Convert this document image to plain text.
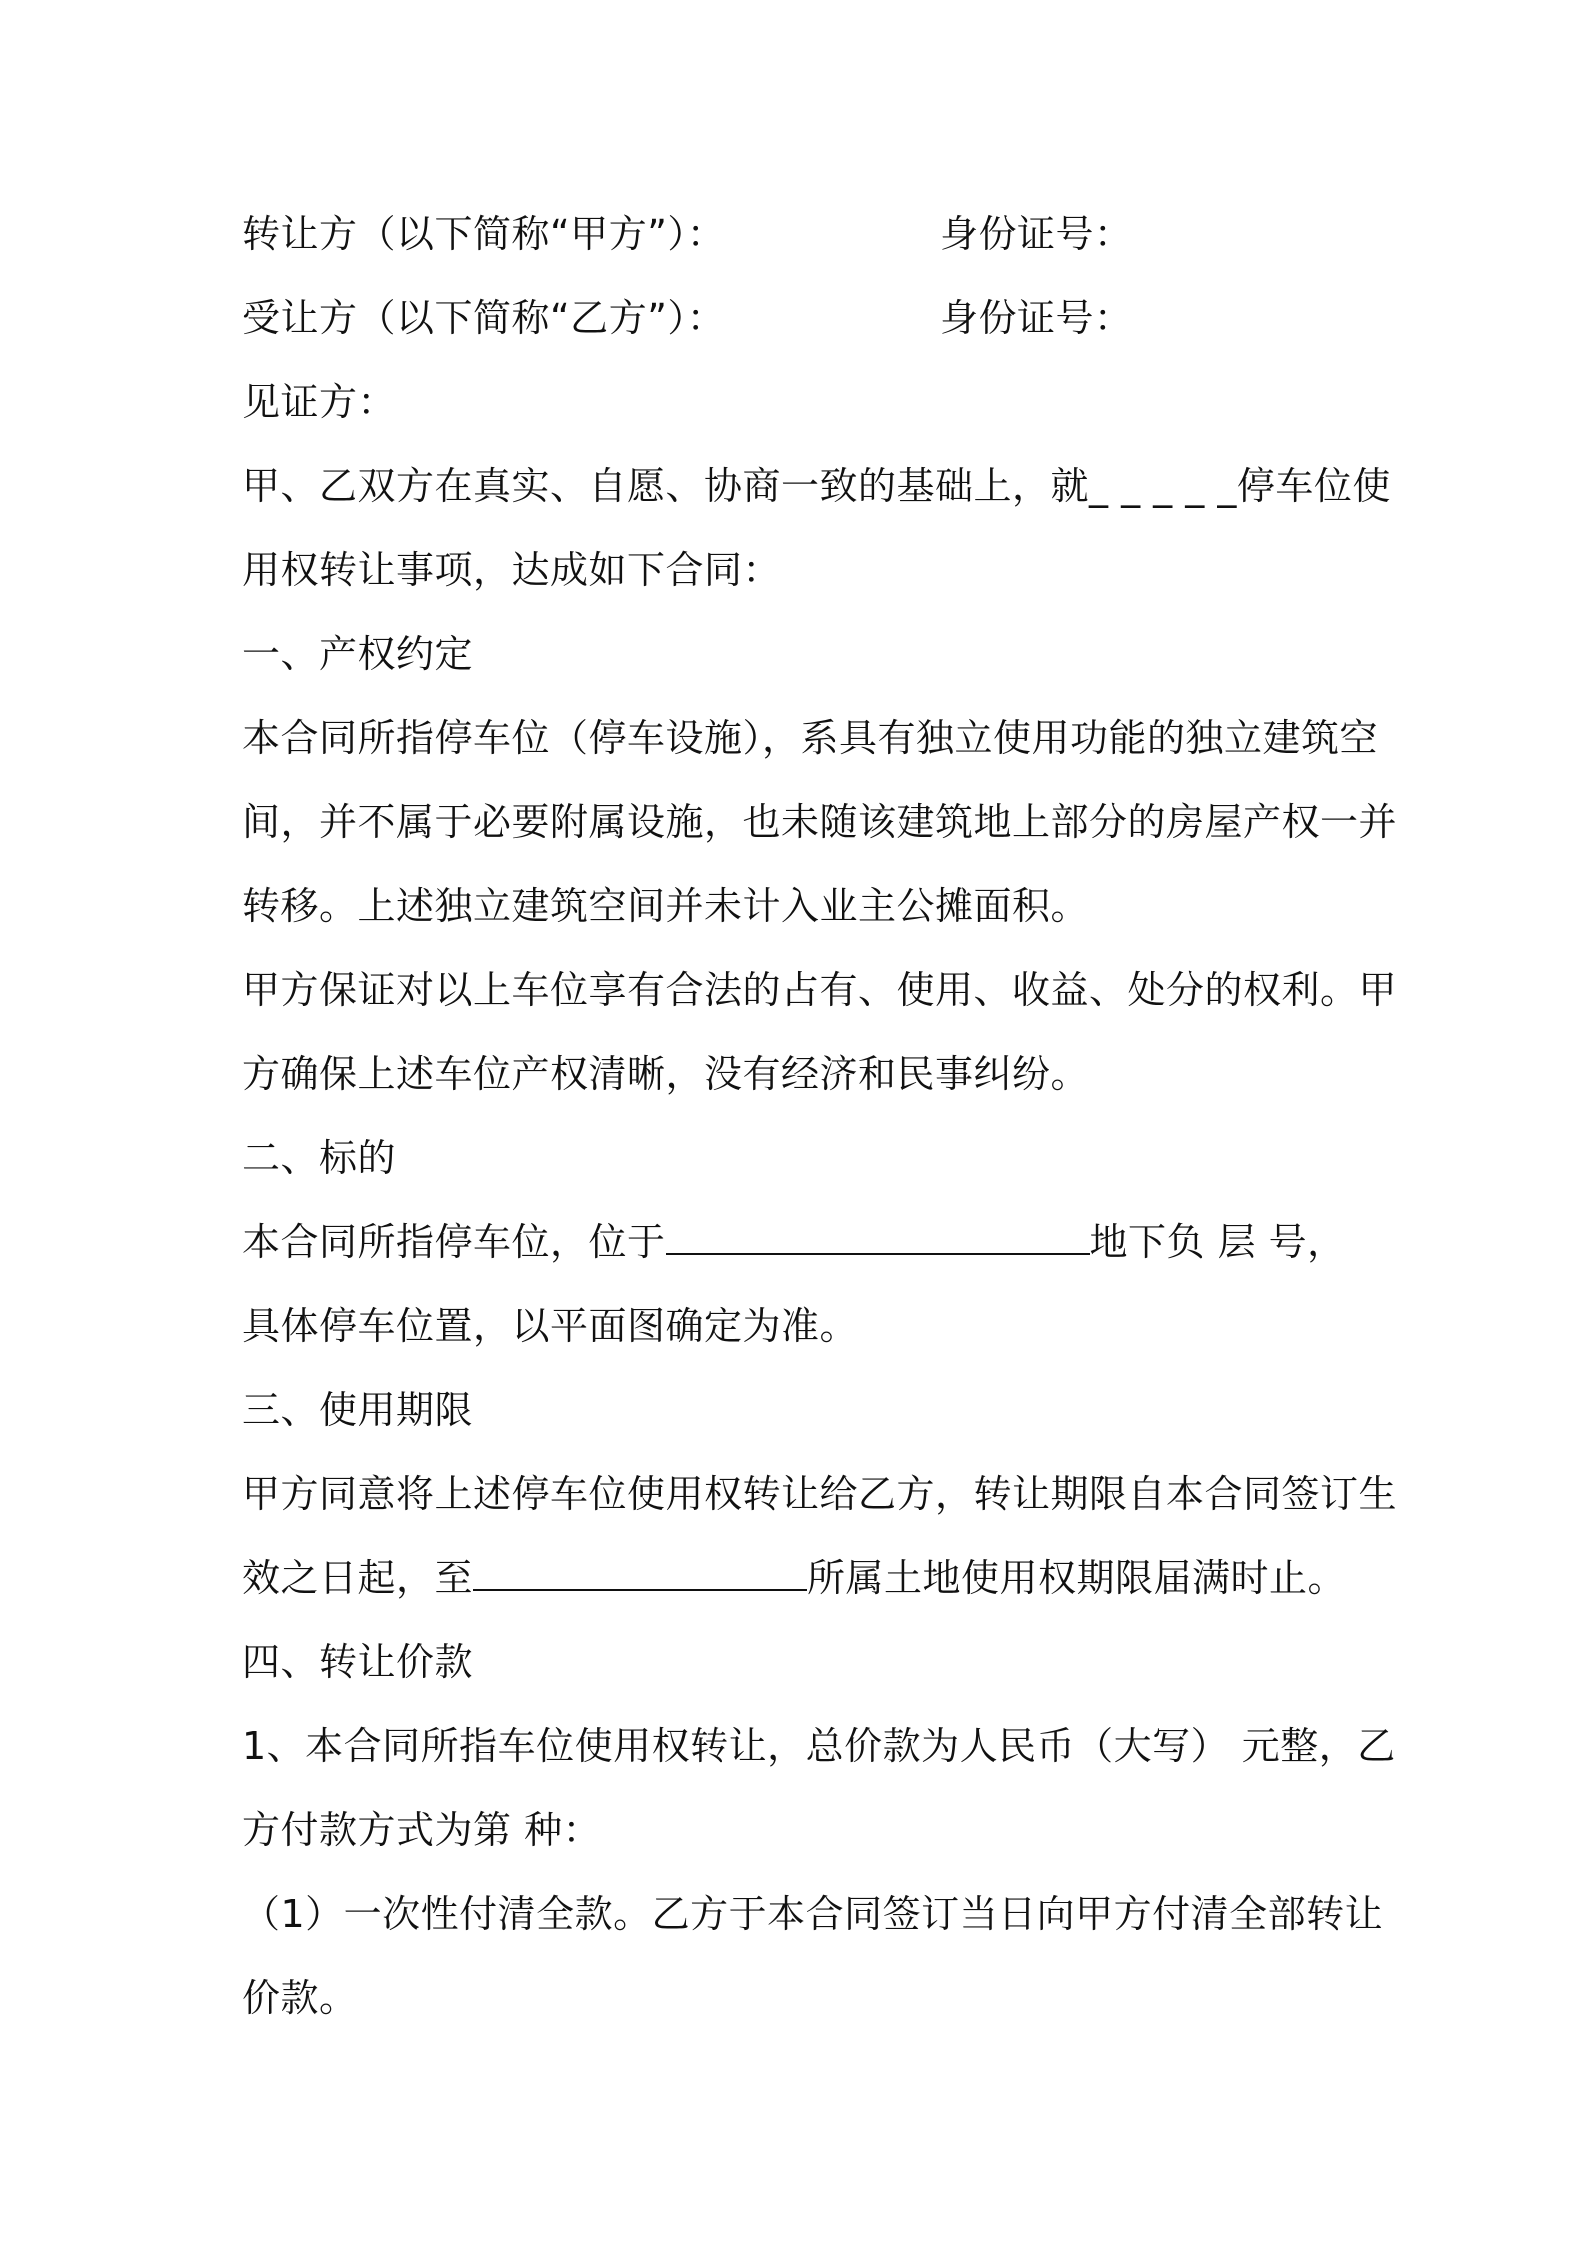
转让方（以下简称“甲方”）：	身份证号：
受让方（以下简称“乙方”）：	身份证号：
见证方：
甲、乙双方在真实、自愿、协商一致的基础上，就_ _ _ _ _停车位使
用权转让事项，达成如下合同：
一、产权约定
本合同所指停车位（停车设施），系具有独立使用功能的独立建筑空
间，并不属于必要附属设施，也未随该建筑地上部分的房屋产权一并
转移。上述独立建筑空间并未计入业主公摊面积。
甲方保证对以上车位享有合法的占有、使用、收益、处分的权利。甲
方确保上述车位产权清晰，没有经济和民事纠纷。
二、标的
本合同所指停车位，位于	地下负 层 号，
具体停车位置，以平面图确定为准。
三、使用期限
甲方同意将上述停车位使用权转让给乙方，转让期限自本合同签订生
效之日起，至	所属土地使用权期限届满时止。
四、转让价款
1、本合同所指车位使用权转让，总价款为人民币（大写） 元整，乙
方付款方式为第 种：
（1）一次性付清全款。乙方于本合同签订当日向甲方付清全部转让
价款。
